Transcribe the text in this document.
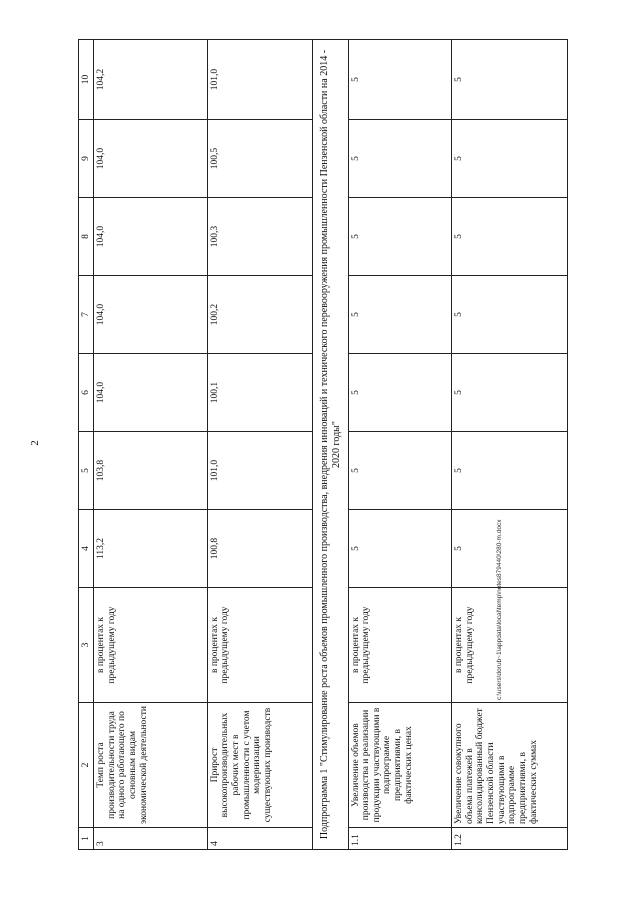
2
1	2	3	4	5	6	7	8	9	10
3	Темп роста производительности труда на одного работающего по основным видам экономической деятельности	в процентах к предыдущему году	113,2	103,8	104,0	104,0	104,0	104,0	104,2
4	Прирост высокопроизводительных рабочих мест в промышленности с учетом модернизации существующих производств	в процентах к предыдущему году	100,8	101,0	100,1	100,2	100,3	100,5	101,0
Подпрограмма 1 "Стимулирование роста объемов промышленного производства, внедрения инноваций и технического перевооружения промышленности Пензенской области на 2014 - 2020 годы"									
1.1	Увеличение объемов производства и реализации продукции участвующими в подпрограмме предприятиями, в фактических ценах	в процентах к предыдущему году	5	5	5	5	5	5	5
1.2	Увеличение совокупного объема платежей в консолидированный бюджет Пензенской области участвующими в подпрограмме предприятиями, в фактических суммах	в процентах к предыдущему году	5	5	5	5	5	5	5
c:\users\dorub~1\appdata\local\temp\notes879440\280-m.docx
